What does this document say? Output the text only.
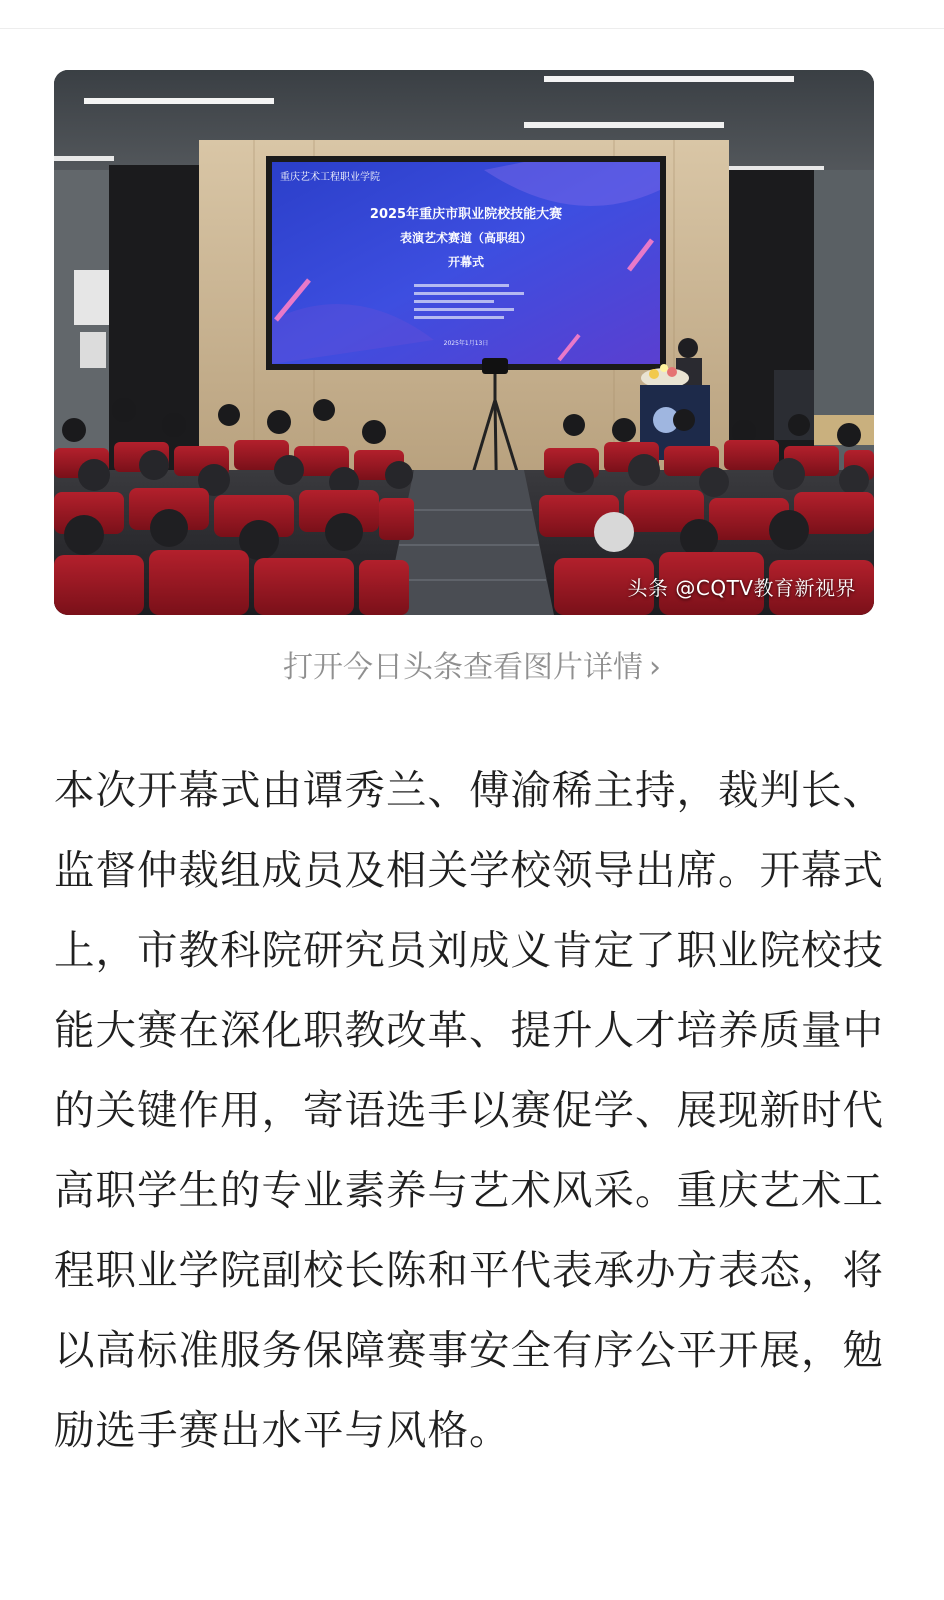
重庆艺术工程职业学院
2025年重庆市职业院校技能大赛
表演艺术赛道（高职组）
开幕式
2025年1月13日
头条 @CQTV教育新视界
打开今日头条查看图片详情 ›

本次开幕式由谭秀兰、傅渝稀主持，裁判长、监督仲裁组成员及相关学校领导出席。开幕式上，市教科院研究员刘成义肯定了职业院校技能大赛在深化职教改革、提升人才培养质量中的关键作用，寄语选手以赛促学、展现新时代高职学生的专业素养与艺术风采。重庆艺术工程职业学院副校长陈和平代表承办方表态，将以高标准服务保障赛事安全有序公平开展，勉励选手赛出水平与风格。
